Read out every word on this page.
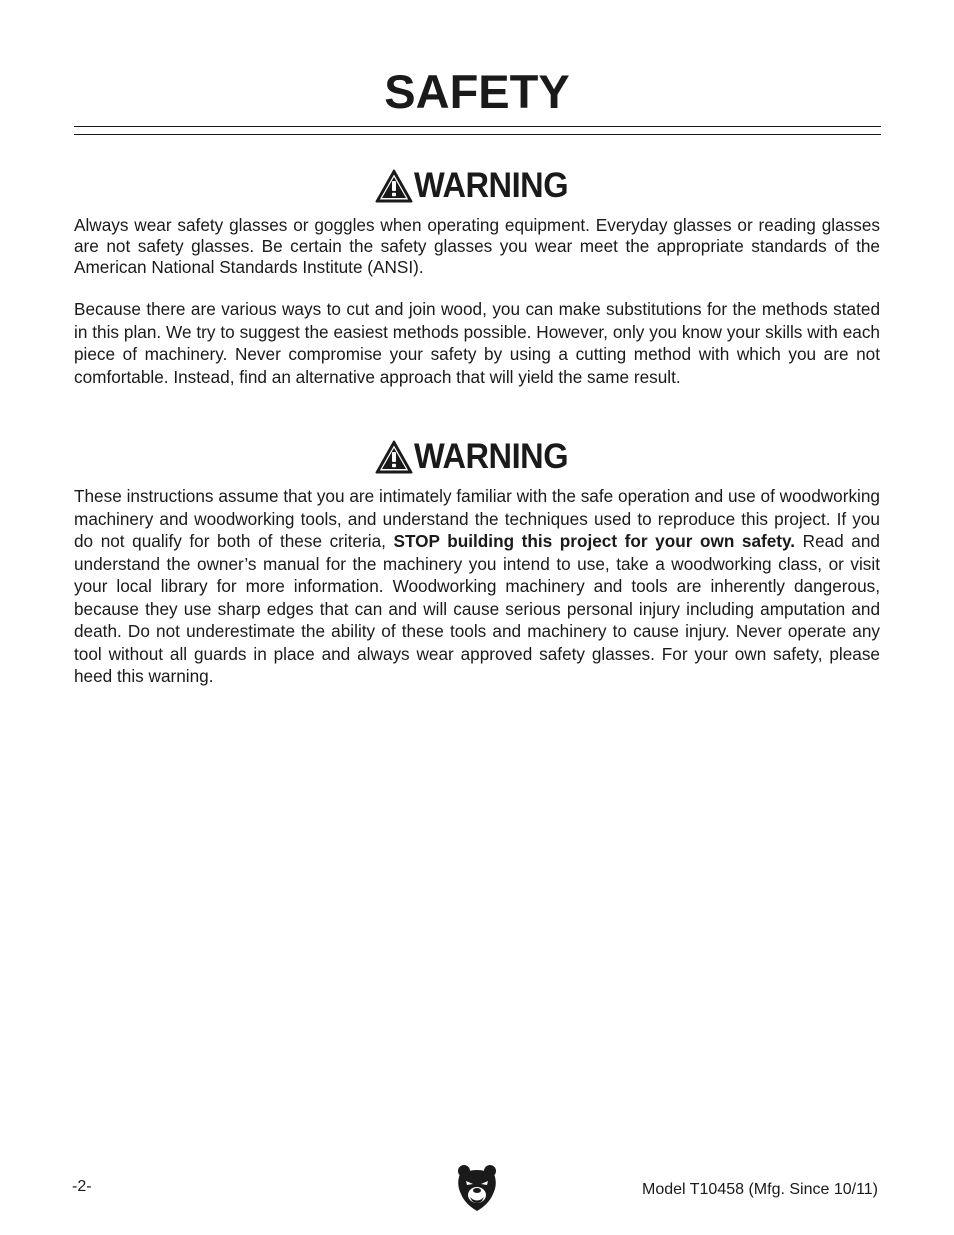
SAFETY
WARNING

Always wear safety glasses or goggles when operating equipment. Everyday glasses or reading glasses are not safety glasses. Be certain the safety glasses you wear meet the appropriate standards of the American National Standards Institute (ANSI).

Because there are various ways to cut and join wood, you can make substitutions for the methods stated in this plan. We try to suggest the easiest methods possible. However, only you know your skills with each piece of machinery. Never compromise your safety by using a cutting method with which you are not comfortable. Instead, find an alternative approach that will yield the same result.

WARNING

These instructions assume that you are intimately familiar with the safe operation and use of woodworking machinery and woodworking tools, and understand the techniques used to reproduce this project. If you do not qualify for both of these criteria, STOP building this project for your own safety. Read and understand the owner’s manual for the machinery you intend to use, take a woodworking class, or visit your local library for more information. Woodworking machinery and tools are inherently dangerous, because they use sharp edges that can and will cause serious personal injury including amputation and death. Do not underestimate the ability of these tools and machinery to cause injury. Never operate any tool without all guards in place and always wear approved safety glasses. For your own safety, please heed this warning.

-2-	Model T10458 (Mfg. Since 10/11)
